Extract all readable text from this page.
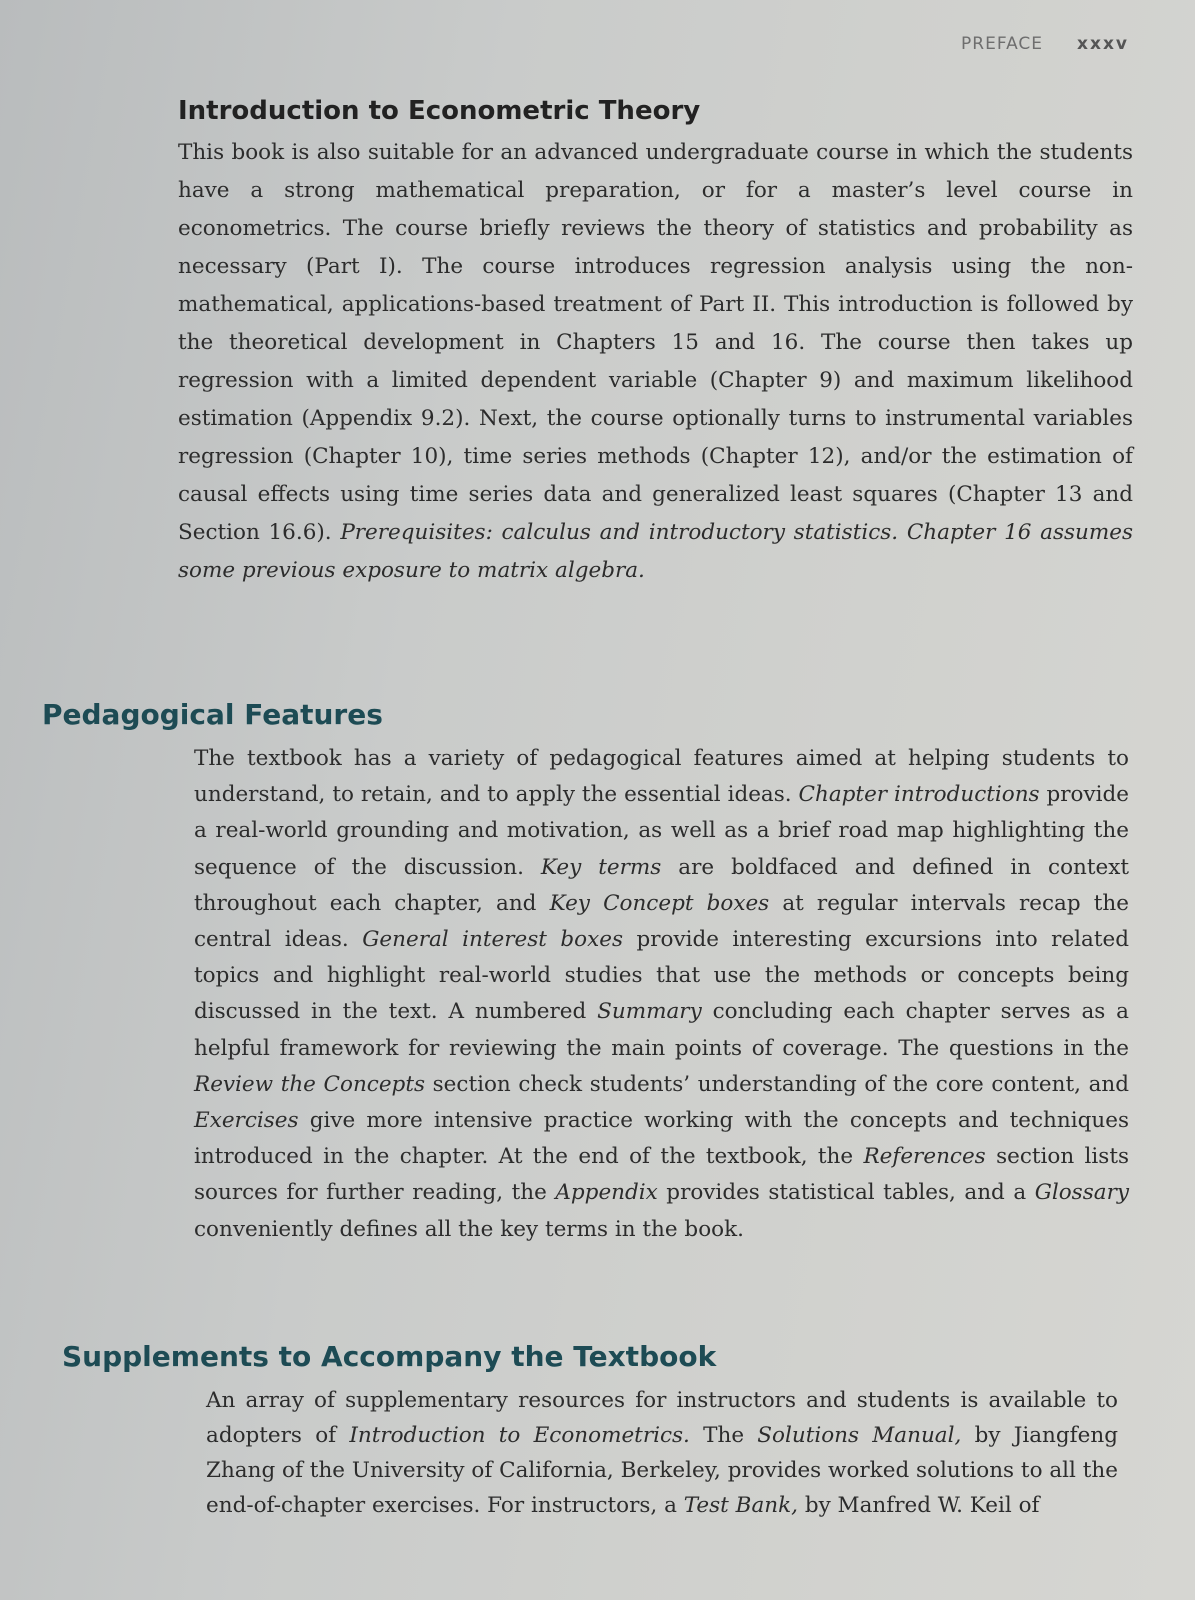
PREFACE xxxv
Introduction to Econometric Theory

This book is also suitable for an advanced undergraduate course in which the students have a strong mathematical preparation, or for a master’s level course in econometrics. The course briefly reviews the theory of statistics and probability as necessary (Part I). The course introduces regression analysis using the non-mathematical, applications-based treatment of Part II. This introduction is followed by the theoretical development in Chapters 15 and 16. The course then takes up regression with a limited dependent variable (Chapter 9) and maximum likelihood estimation (Appendix 9.2). Next, the course optionally turns to instrumental variables regression (Chapter 10), time series methods (Chapter 12), and/or the estimation of causal effects using time series data and generalized least squares (Chapter 13 and Section 16.6). Prerequisites: calculus and introductory statistics. Chapter 16 assumes some previous exposure to matrix algebra.

Pedagogical Features

The textbook has a variety of pedagogical features aimed at helping students to understand, to retain, and to apply the essential ideas. Chapter introductions provide a real-world grounding and motivation, as well as a brief road map highlighting the sequence of the discussion. Key terms are boldfaced and defined in context throughout each chapter, and Key Concept boxes at regular intervals recap the central ideas. General interest boxes provide interesting excursions into related topics and highlight real-world studies that use the methods or concepts being discussed in the text. A numbered Summary concluding each chapter serves as a helpful framework for reviewing the main points of coverage. The questions in the Review the Concepts section check students’ understanding of the core content, and Exercises give more intensive practice working with the concepts and techniques introduced in the chapter. At the end of the textbook, the References section lists sources for further reading, the Appendix provides statistical tables, and a Glossary conveniently defines all the key terms in the book.

Supplements to Accompany the Textbook

An array of supplementary resources for instructors and students is available to adopters of Introduction to Econometrics. The Solutions Manual, by Jiangfeng Zhang of the University of California, Berkeley, provides worked solutions to all the end-of-chapter exercises. For instructors, a Test Bank, by Manfred W. Keil of
